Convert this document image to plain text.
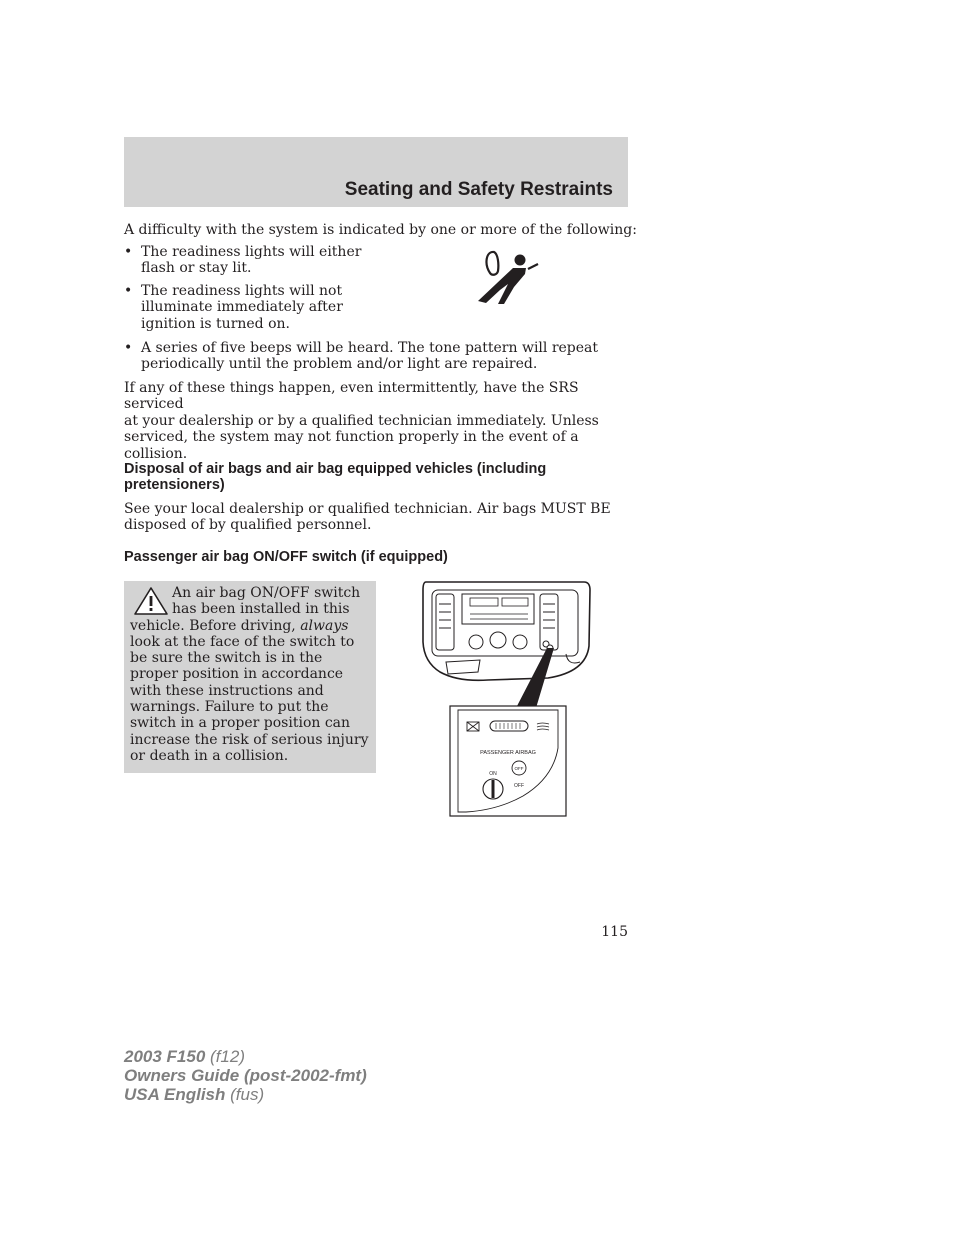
Seating and Safety Restraints

A difficulty with the system is indicated by one or more of the following:

• The readiness lights will either
flash or stay lit.
• The readiness lights will not
illuminate immediately after
ignition is turned on.
• A series of five beeps will be heard. The tone pattern will repeat
periodically until the problem and/or light are repaired.

If any of these things happen, even intermittently, have the SRS serviced
at your dealership or by a qualified technician immediately. Unless
serviced, the system may not function properly in the event of a
collision.

Disposal of air bags and air bag equipped vehicles (including
pretensioners)

See your local dealership or qualified technician. Air bags MUST BE
disposed of by qualified personnel.

Passenger air bag ON/OFF switch (if equipped)

An air bag ON/OFF switch has been installed in this vehicle. Before driving, always look at the face of the switch to be sure the switch is in the proper position in accordance with these instructions and warnings. Failure to put the switch in a proper position can increase the risk of serious injury or death in a collision.	PASSENGER AIRBAG
ON
OFF
OFF

115

2003 F150 (f12)
Owners Guide (post-2002-fmt)
USA English (fus)
